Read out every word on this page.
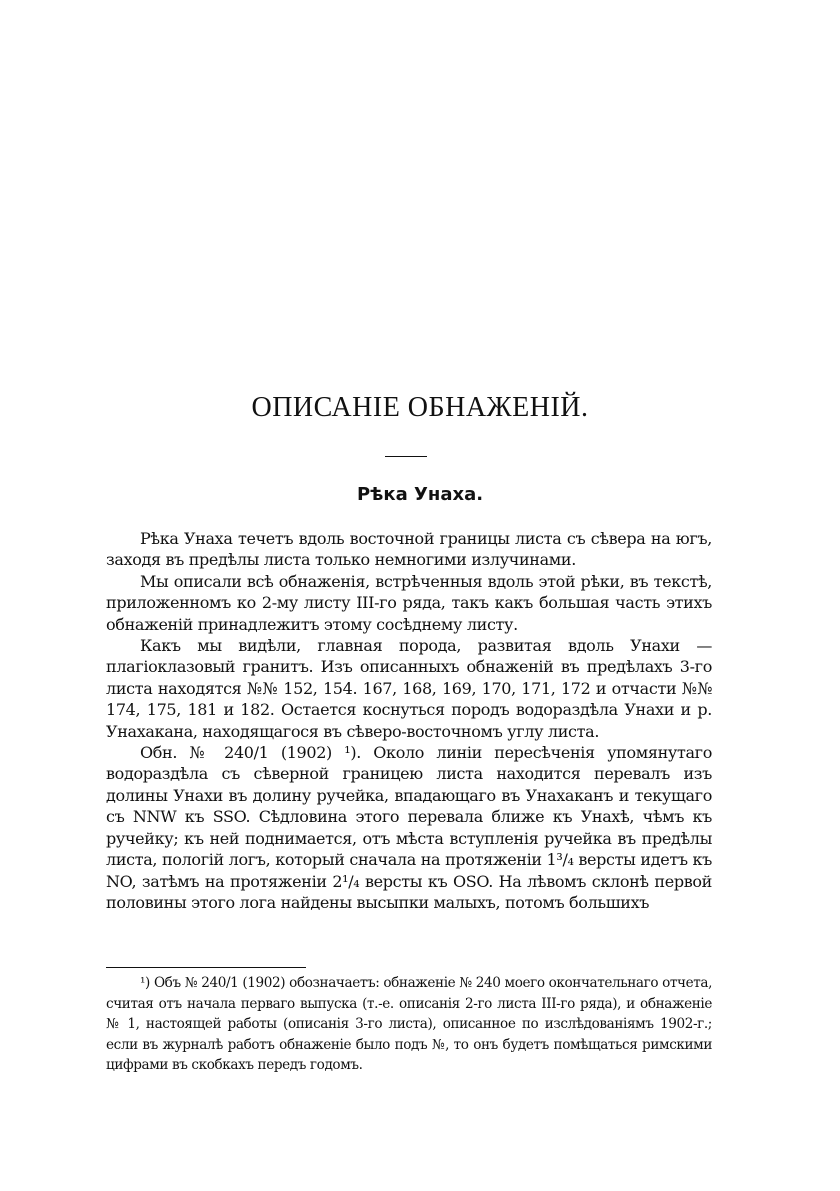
ОПИСАНІЕ ОБНАЖЕНІЙ.
Рѣка Унаха.

Рѣка Унаха течетъ вдоль восточной границы листа съ сѣвера на югъ, заходя въ предѣлы листа только немногими излучинами.

Мы описали всѣ обнаженія, встрѣченныя вдоль этой рѣки, въ текстѣ, приложенномъ ко 2-му листу III-го ряда, такъ какъ большая часть этихъ обнаженій принадлежитъ этому сосѣднему листу.

Какъ мы видѣли, главная порода, развитая вдоль Унахи — плагіоклазовый гранитъ. Изъ описанныхъ обнаженій въ предѣлахъ 3-го листа находятся №№ 152, 154. 167, 168, 169, 170, 171, 172 и отчасти №№ 174, 175, 181 и 182. Остается коснуться породъ водораздѣла Унахи и р. Унахакана, находящагося въ сѣверо-восточномъ углу листа.

Обн. № 240/1 (1902) ¹). Около линіи пересѣченія упомянутаго водораздѣла съ сѣверной границею листа находится перевалъ изъ долины Унахи въ долину ручейка, впадающаго въ Унахаканъ и текущаго съ NNW къ SSO. Сѣдловина этого перевала ближе къ Унахѣ, чѣмъ къ ручейку; къ ней поднимается, отъ мѣста вступленія ручейка въ предѣлы листа, пологій логъ, который сначала на протяженіи 1³/₄ версты идетъ къ NO, затѣмъ на протяженіи 2¹/₄ версты къ OSO. На лѣвомъ склонѣ первой половины этого лога найдены высыпки малыхъ, потомъ большихъ

¹) Объ № 240/1 (1902) обозначаетъ: обнаженіе № 240 моего окончательнаго отчета, считая отъ начала перваго выпуска (т.-е. описанія 2-го листа III-го ряда), и обнаженіе № 1, настоящей работы (описанія 3-го листа), описанное по изслѣдованіямъ 1902-г.; если въ журналѣ работъ обнаженіе было подъ №, то онъ будетъ помѣщаться римскими цифрами въ скобкахъ передъ годомъ.
